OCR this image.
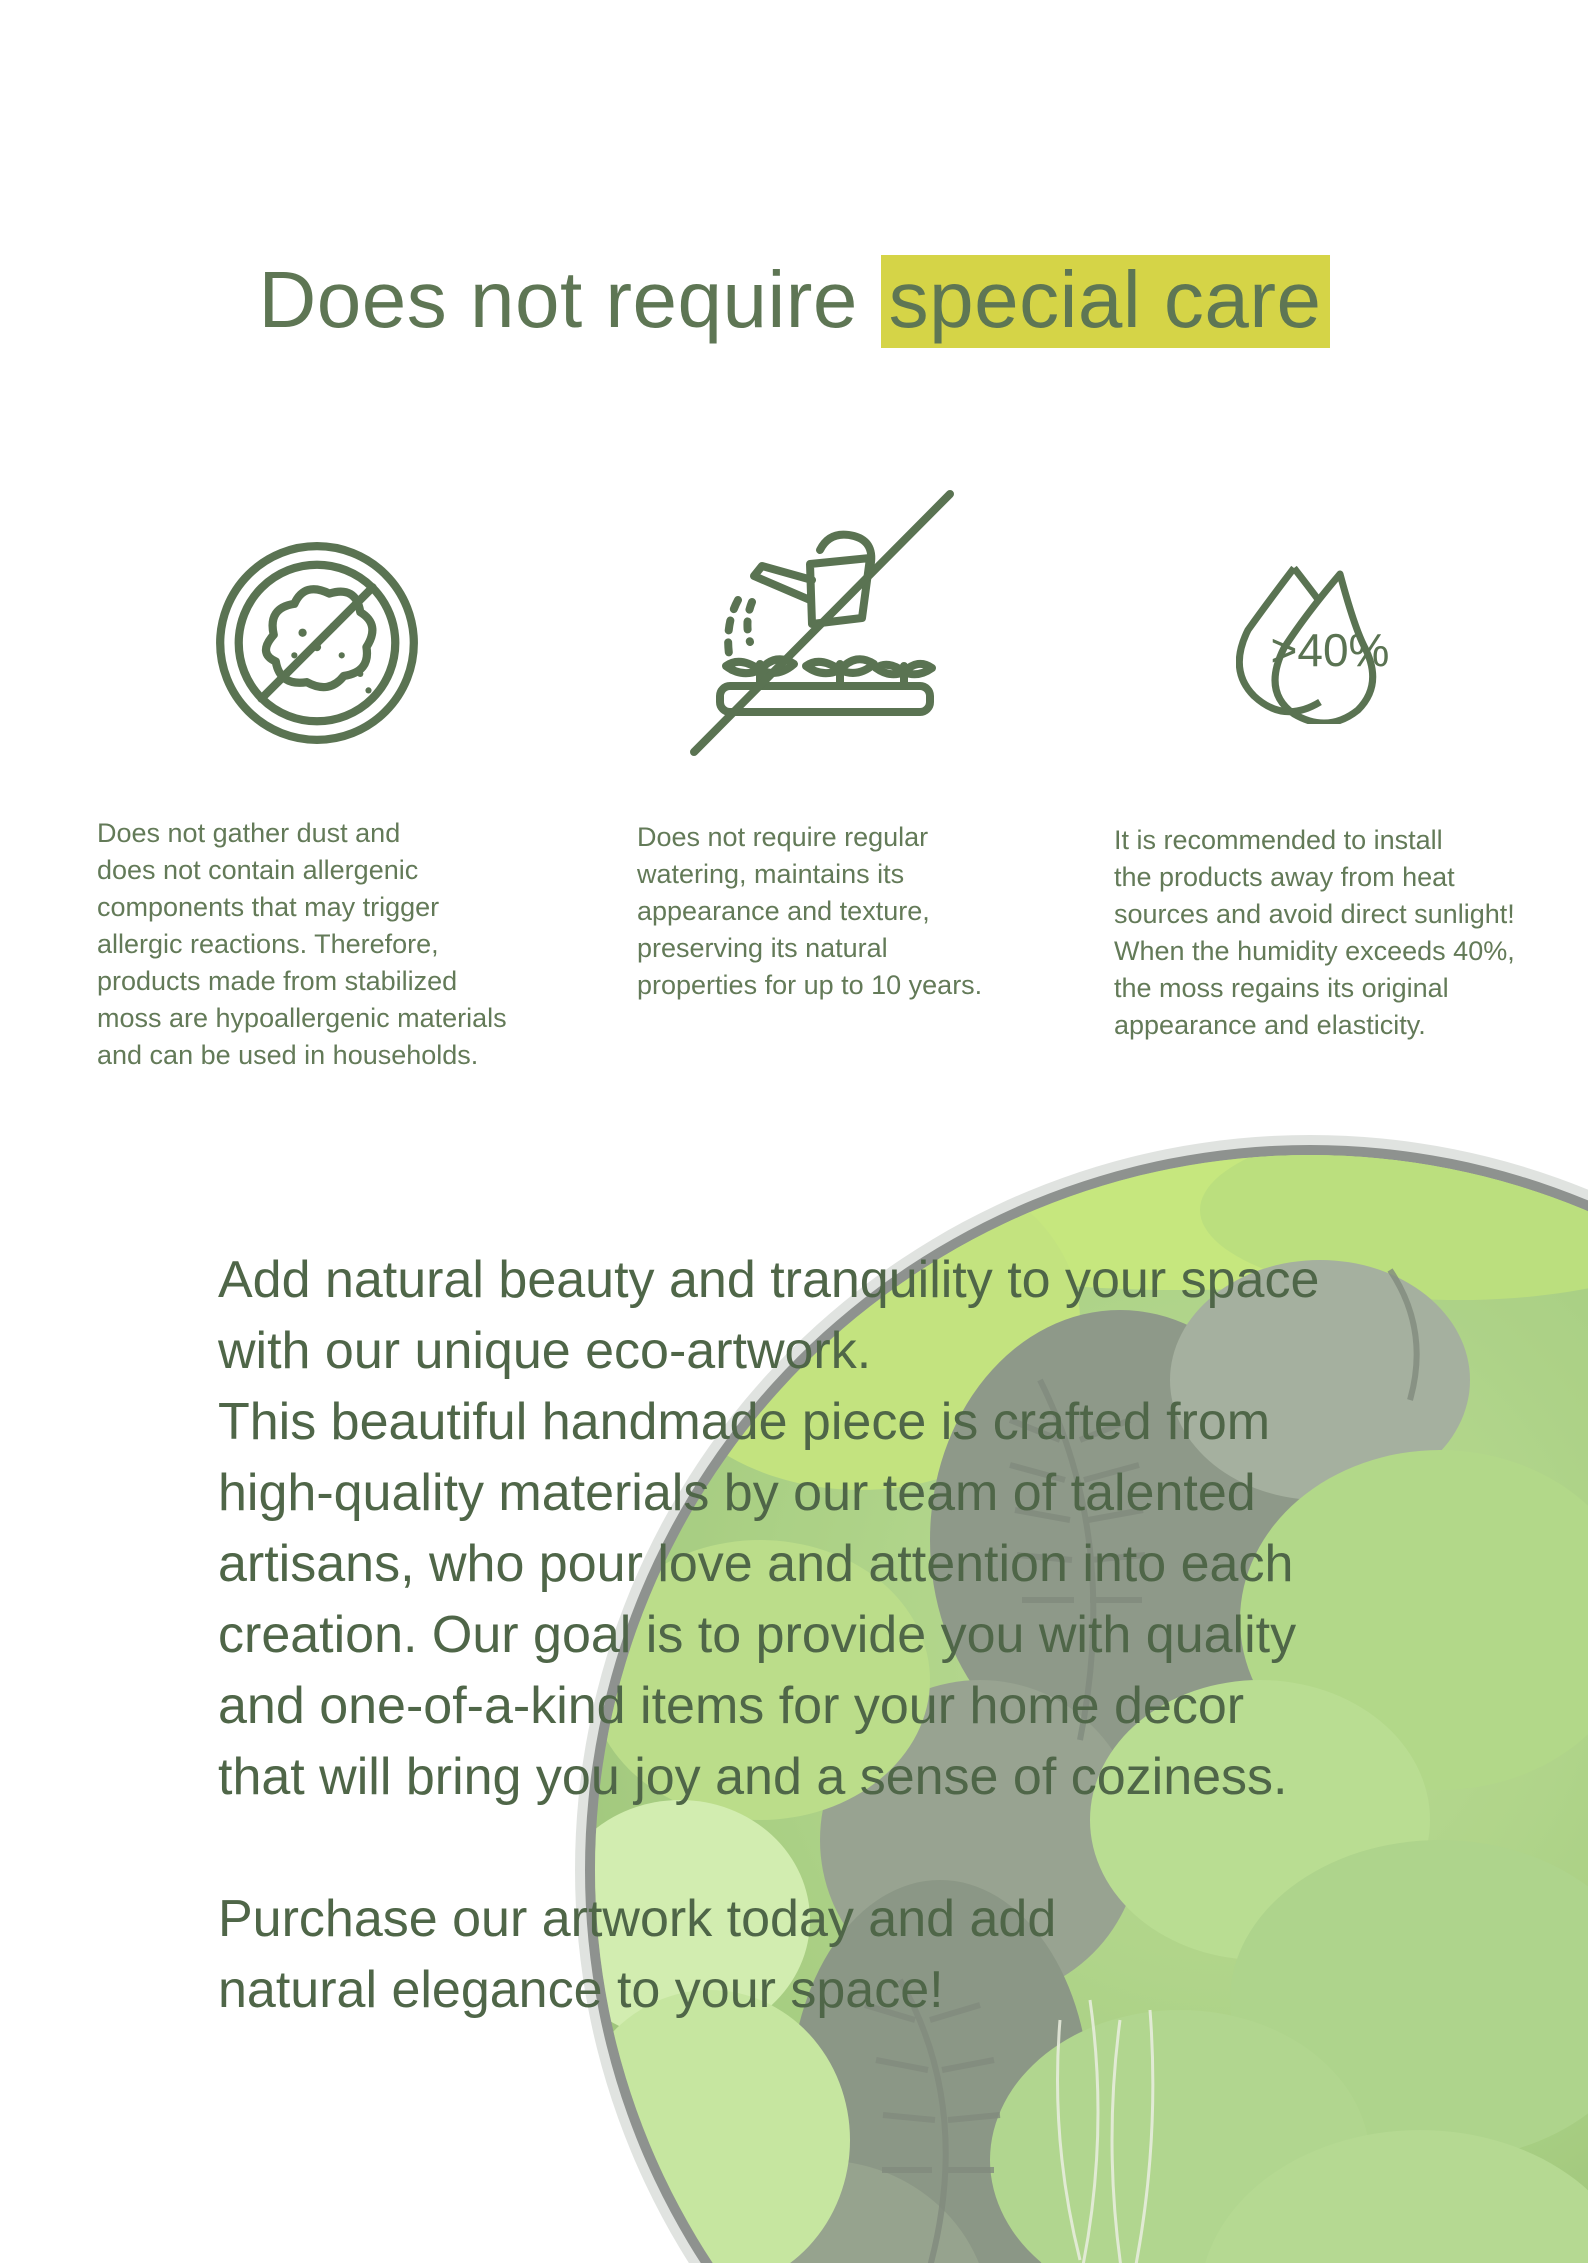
Does not require special care
>40%

Does not gather dust and
does not contain allergenic
components that may trigger
allergic reactions. Therefore,
products made from stabilized
moss are hypoallergenic materials
and can be used in households.

Does not require regular
watering, maintains its
appearance and texture,
preserving its natural
properties for up to 10 years.

It is recommended to install
the products away from heat
sources and avoid direct sunlight!
When the humidity exceeds 40%,
the moss regains its original
appearance and elasticity.

Add natural beauty and tranquility to your space
with our unique eco-artwork.
This beautiful handmade piece is crafted from
high-quality materials by our team of talented
artisans, who pour love and attention into each
creation. Our goal is to provide you with quality
and one-of-a-kind items for your home decor
that will bring you joy and a sense of coziness.
Purchase our artwork today and add
natural elegance to your space!
